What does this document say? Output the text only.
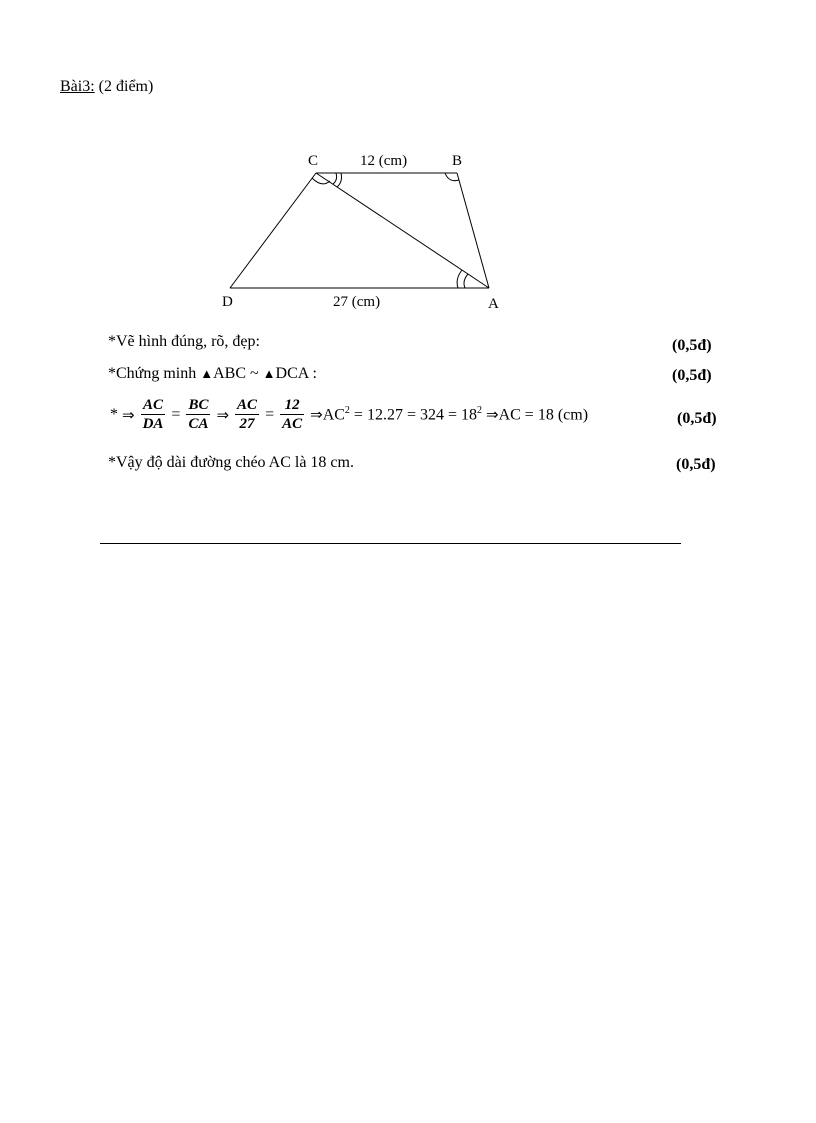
Bài3: (2 điểm)
C	B
D	A
12 (cm)
27 (cm)
*Vẽ hình đúng, rõ, đẹp:	(0,5đ)
*Chứng minh ▲ABC ~ ▲DCA :	(0,5đ)
* ⇒ $\frac{AC}{DA} = \frac{BC}{CA}$ ⇒ $\frac{AC}{27} = \frac{12}{AC}$ $\Rightarrow AC^2 = 12.27 = 324 = 18^2$ ⇒AC = 18 (cm)	(0,5đ)
*Vậy độ dài đường chéo AC là 18 cm.	(0,5đ)
